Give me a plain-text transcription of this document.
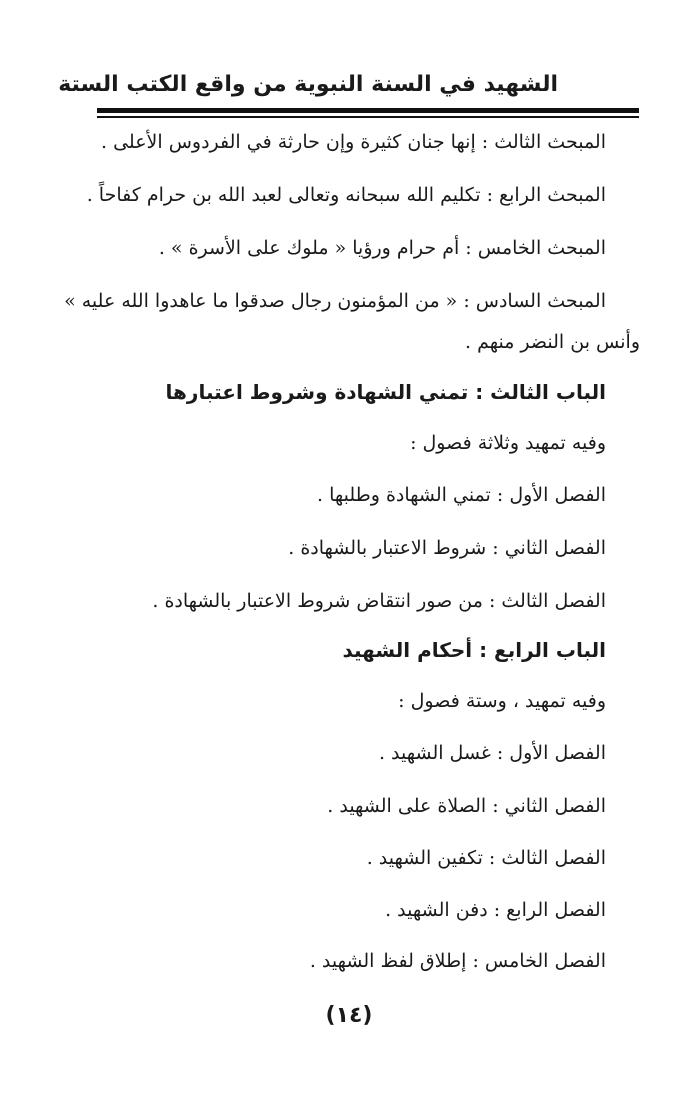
الشهيد في السنة النبوية من واقع الكتب الستة
المبحث الثالث : إنها جنان كثيرة وإن حارثة في الفردوس الأعلى .
المبحث الرابع : تكليم الله سبحانه وتعالى لعبد الله بن حرام كفاحاً .
المبحث الخامس : أم حرام ورؤيا « ملوك على الأسرة » .
المبحث السادس : « من المؤمنون رجال صدقوا ما عاهدوا الله عليه »
وأنس بن النضر منهم .
الباب الثالث : تمني الشهادة وشروط اعتبارها
وفيه تمهيد وثلاثة فصول :
الفصل الأول : تمني الشهادة وطلبها .
الفصل الثاني : شروط الاعتبار بالشهادة .
الفصل الثالث : من صور انتقاض شروط الاعتبار بالشهادة .
الباب الرابع : أحكام الشهيد
وفيه تمهيد ، وستة فصول :
الفصل الأول : غسل الشهيد .
الفصل الثاني : الصلاة على الشهيد .
الفصل الثالث : تكفين الشهيد .
الفصل الرابع : دفن الشهيد .
الفصل الخامس : إطلاق لفظ الشهيد .
(١٤)
